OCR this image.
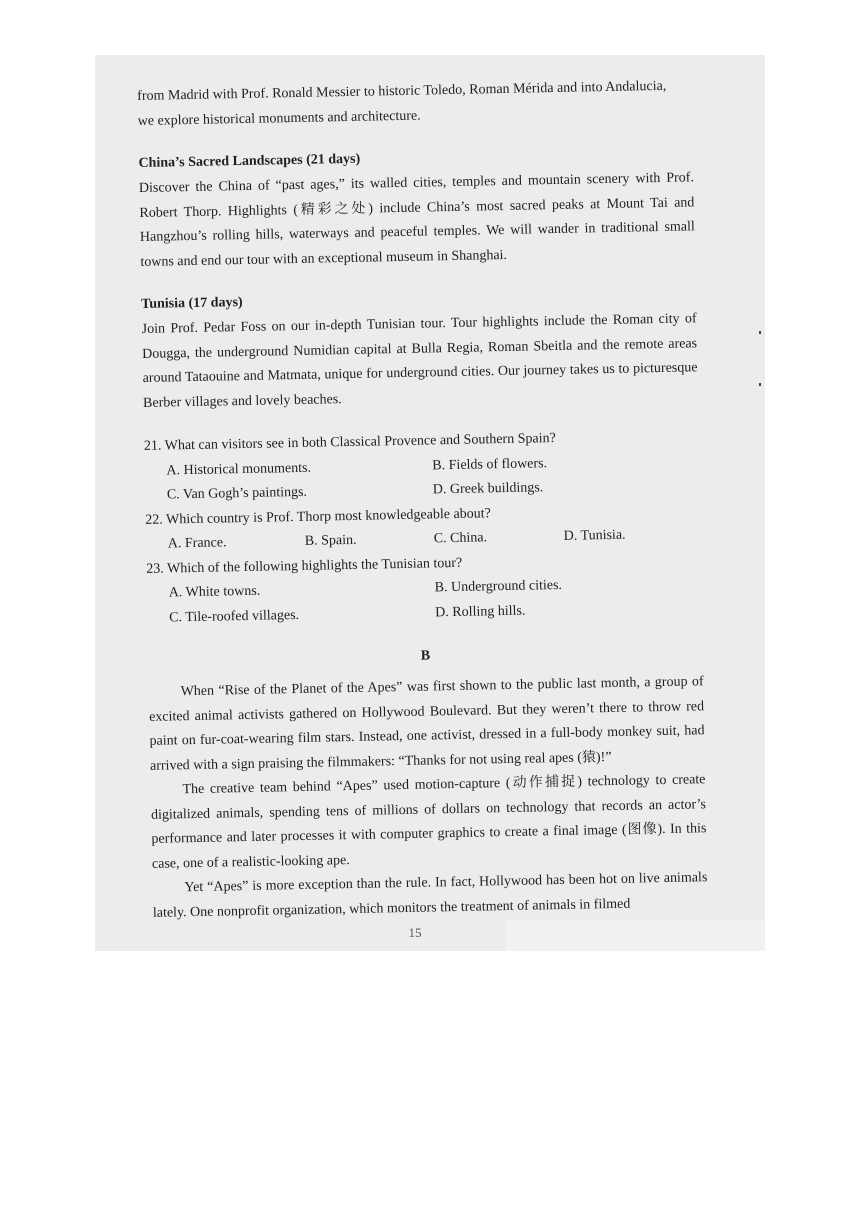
from Madrid with Prof. Ronald Messier to historic Toledo, Roman Mérida and into Andalucia,

we explore historical monuments and architecture.

China’s Sacred Landscapes (21 days)

Discover the China of “past ages,” its walled cities, temples and mountain scenery with Prof. Robert Thorp. Highlights (精彩之处) include China’s most sacred peaks at Mount Tai and Hangzhou’s rolling hills, waterways and peaceful temples. We will wander in traditional small towns and end our tour with an exceptional museum in Shanghai.

Tunisia (17 days)

Join Prof. Pedar Foss on our in-depth Tunisian tour. Tour highlights include the Roman city of Dougga, the underground Numidian capital at Bulla Regia, Roman Sbeitla and the remote areas around Tataouine and Matmata, unique for underground cities. Our journey takes us to picturesque Berber villages and lovely beaches.

21. What can visitors see in both Classical Provence and Southern Spain?

A. Historical monuments.	B. Fields of flowers.
C. Van Gogh’s paintings.	D. Greek buildings.

22. Which country is Prof. Thorp most knowledgeable about?

A. France.	B. Spain.	C. China.	D. Tunisia.

23. Which of the following highlights the Tunisian tour?

A. White towns.	B. Underground cities.
C. Tile-roofed villages.	D. Rolling hills.
B

When “Rise of the Planet of the Apes” was first shown to the public last month, a group of excited animal activists gathered on Hollywood Boulevard. But they weren’t there to throw red paint on fur-coat-wearing film stars. Instead, one activist, dressed in a full-body monkey suit, had arrived with a sign praising the filmmakers: “Thanks for not using real apes (猿)!”

The creative team behind “Apes” used motion-capture (动作捕捉) technology to create digitalized animals, spending tens of millions of dollars on technology that records an actor’s performance and later processes it with computer graphics to create a final image (图像). In this case, one of a realistic-looking ape.

Yet “Apes” is more exception than the rule. In fact, Hollywood has been hot on live animals lately. One nonprofit organization, which monitors the treatment of animals in filmed

15
